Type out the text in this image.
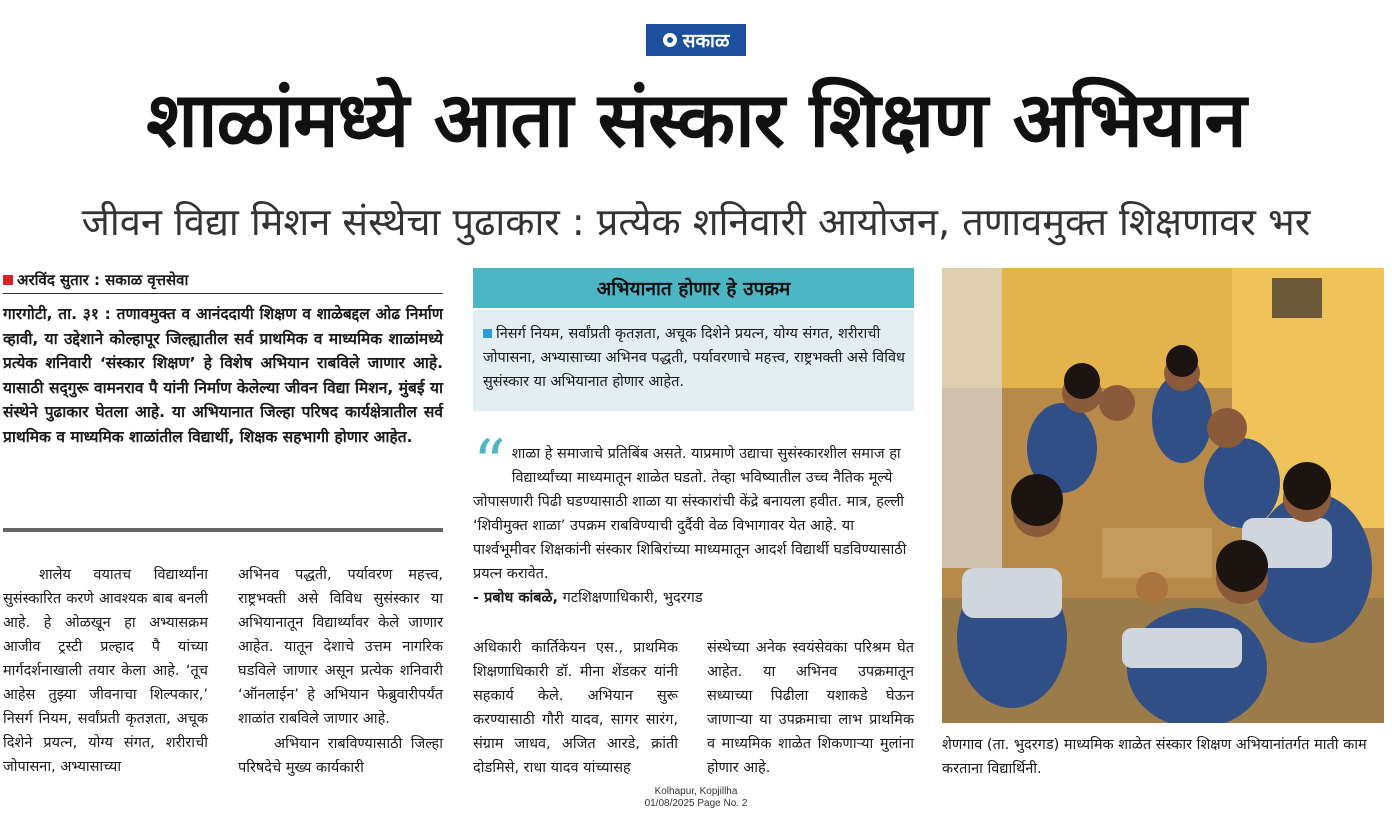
सकाळ
शाळांमध्ये आता संस्कार शिक्षण अभियान
जीवन विद्या मिशन संस्थेचा पुढाकार : प्रत्येक शनिवारी आयोजन, तणावमुक्त शिक्षणावर भर
अरविंद सुतार : सकाळ वृत्तसेवा
गारगोटी, ता. ३१ : तणावमुक्त व आनंददायी शिक्षण व शाळेबद्दल ओढ निर्माण व्हावी, या उद्देशाने कोल्हापूर जिल्ह्यातील सर्व प्राथमिक व माध्यमिक शाळांमध्ये प्रत्येक शनिवारी ‘संस्कार शिक्षण’ हे विशेष अभियान राबविले जाणार आहे. यासाठी सद्‌गुरू वामनराव पै यांनी निर्माण केलेल्या जीवन विद्या मिशन, मुंबई या संस्थेने पुढाकार घेतला आहे. या अभियानात जिल्हा परिषद कार्यक्षेत्रातील सर्व प्राथमिक व माध्यमिक शाळांतील विद्यार्थी, शिक्षक सहभागी होणार आहेत.
शालेय वयातच विद्यार्थ्यांना सुसंस्कारित करणे आवश्यक बाब बनली आहे. हे ओळखून हा अभ्यासक्रम आजीव ट्रस्टी प्रल्हाद पै यांच्या मार्गदर्शनाखाली तयार केला आहे. ‘तूच आहेस तुझ्या जीवनाचा शिल्पकार,’ निसर्ग नियम, सर्वांप्रती कृतज्ञता, अचूक दिशेने प्रयत्न, योग्य संगत, शरीराची जोपासना, अभ्यासाच्या
अभिनव पद्धती, पर्यावरण महत्त्व, राष्ट्रभक्ती असे विविध सुसंस्कार या अभियानातून विद्यार्थ्यांवर केले जाणार आहेत. यातून देशाचे उत्तम नागरिक घडविले जाणार असून प्रत्येक शनिवारी ‘ऑनलाईन’ हे अभियान फेब्रुवारीपर्यंत शाळांत राबविले जाणार आहे.
अभियान राबविण्यासाठी जिल्हा परिषदेचे मुख्य कार्यकारी
अधिकारी कार्तिकेयन एस., प्राथमिक शिक्षणाधिकारी डॉ. मीना शेंडकर यांनी सहकार्य केले. अभियान सुरू करण्यासाठी गौरी यादव, सागर सारंग, संग्राम जाधव, अजित आरडे, क्रांती दोडमिसे, राधा यादव यांच्यासह
संस्थेच्या अनेक स्वयंसेवका परिश्रम घेत आहेत. या अभिनव उपक्रमातून सध्याच्या पिढीला यशाकडे घेऊन जाणाऱ्या या उपक्रमाचा लाभ प्राथमिक व माध्यमिक शाळेत शिकणाऱ्या मुलांना होणार आहे.
अभियानात होणार हे उपक्रम
निसर्ग नियम, सर्वांप्रती कृतज्ञता, अचूक दिशेने प्रयत्न, योग्य संगत, शरीराची जोपासना, अभ्यासाच्या अभिनव पद्धती, पर्यावरणाचे महत्त्व, राष्ट्रभक्ती असे विविध सुसंस्कार या अभियानात होणार आहेत.
“ शाळा हे समाजाचे प्रतिबिंब असते. याप्रमाणे उद्याचा सुसंस्कारशील समाज हा विद्यार्थ्यांच्या माध्यमातून शाळेत घडतो. तेव्हा भविष्यातील उच्च नैतिक मूल्ये जोपासणारी पिढी घडण्यासाठी शाळा या संस्कारांची केंद्रे बनायला हवीत. मात्र, हल्ली ‘शिवीमुक्त शाळा’ उपक्रम राबविण्याची दुर्दैवी वेळ विभागावर येत आहे. या पार्श्वभूमीवर शिक्षकांनी संस्कार शिबिरांच्या माध्यमातून आदर्श विद्यार्थी घडविण्यासाठी प्रयत्न करावेत.
- प्रबोध कांबळे, गटशिक्षणाधिकारी, भुदरगड
शेणगाव (ता. भुदरगड) माध्यमिक शाळेत संस्कार शिक्षण अभियानांतर्गत माती काम करताना विद्यार्थिनी.
Kolhapur, Kopjillha
01/08/2025 Page No. 2
